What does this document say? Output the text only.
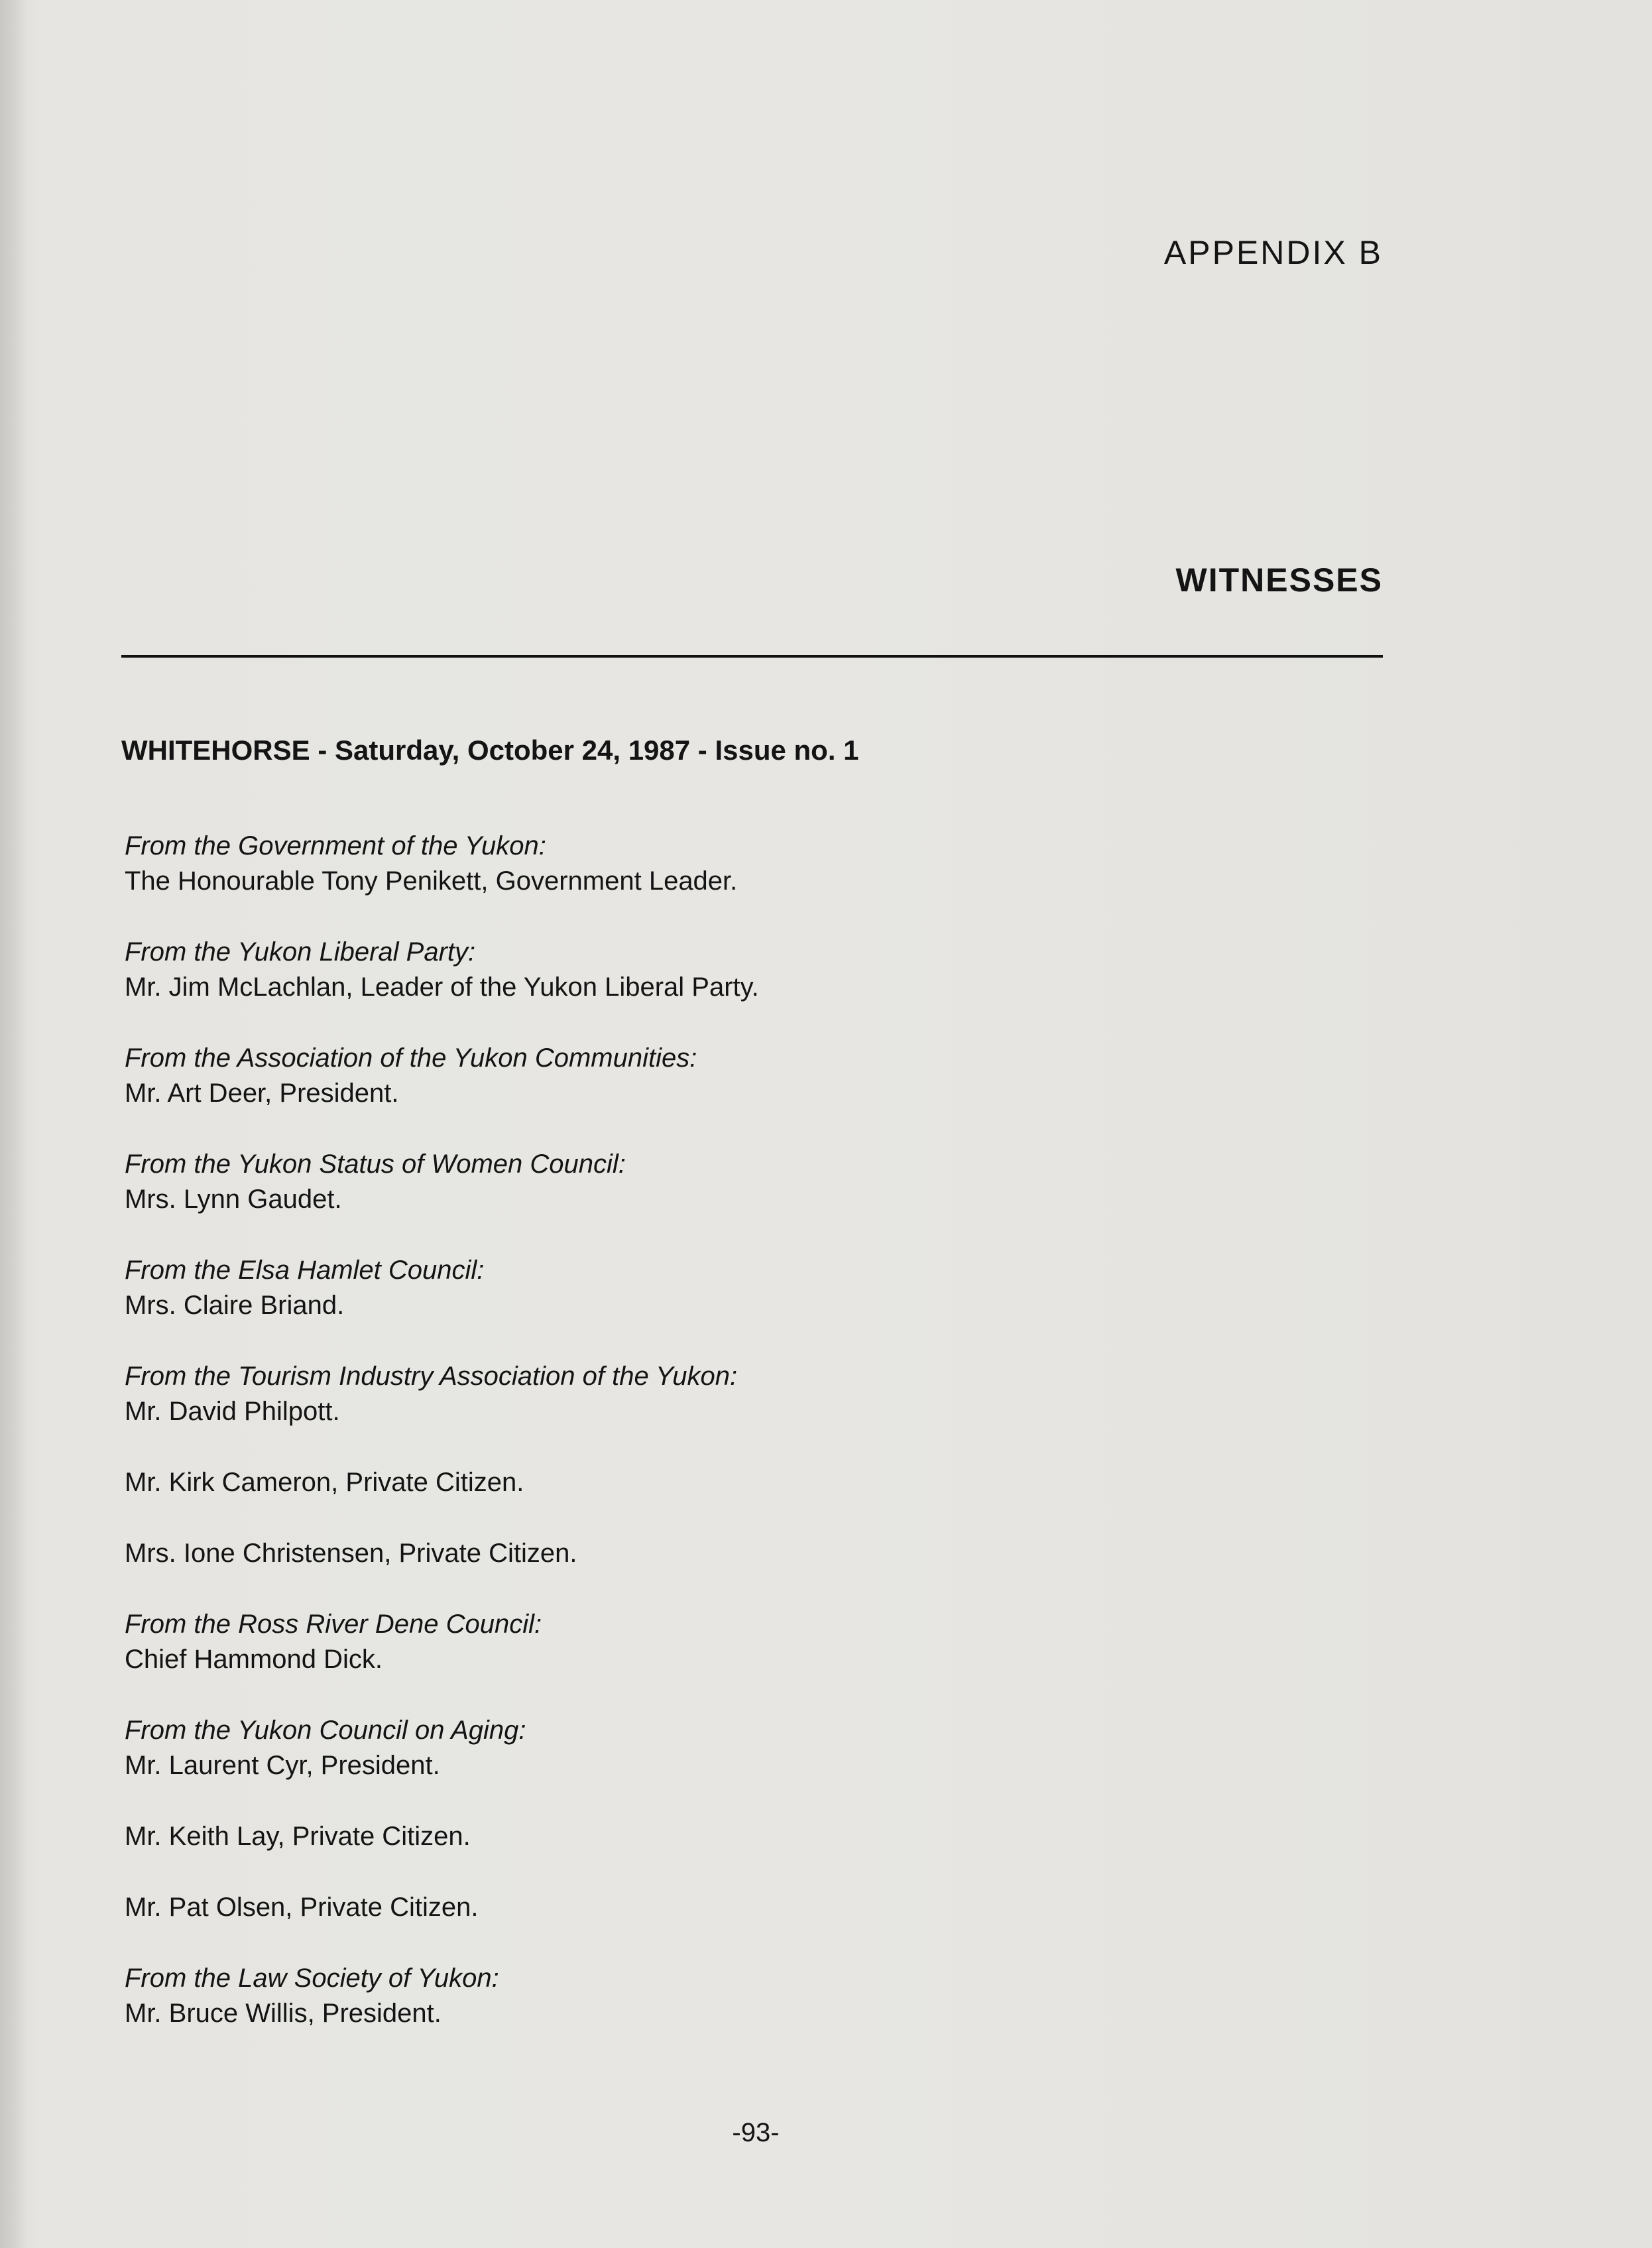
APPENDIX B
WITNESSES
WHITEHORSE - Saturday, October 24, 1987 - Issue no. 1
From the Government of the Yukon:
The Honourable Tony Penikett, Government Leader.
From the Yukon Liberal Party:
Mr. Jim McLachlan, Leader of the Yukon Liberal Party.
From the Association of the Yukon Communities:
Mr. Art Deer, President.
From the Yukon Status of Women Council:
Mrs. Lynn Gaudet.
From the Elsa Hamlet Council:
Mrs. Claire Briand.
From the Tourism Industry Association of the Yukon:
Mr. David Philpott.
Mr. Kirk Cameron, Private Citizen.
Mrs. Ione Christensen, Private Citizen.
From the Ross River Dene Council:
Chief Hammond Dick.
From the Yukon Council on Aging:
Mr. Laurent Cyr, President.
Mr. Keith Lay, Private Citizen.
Mr. Pat Olsen, Private Citizen.
From the Law Society of Yukon:
Mr. Bruce Willis, President.
-93-
